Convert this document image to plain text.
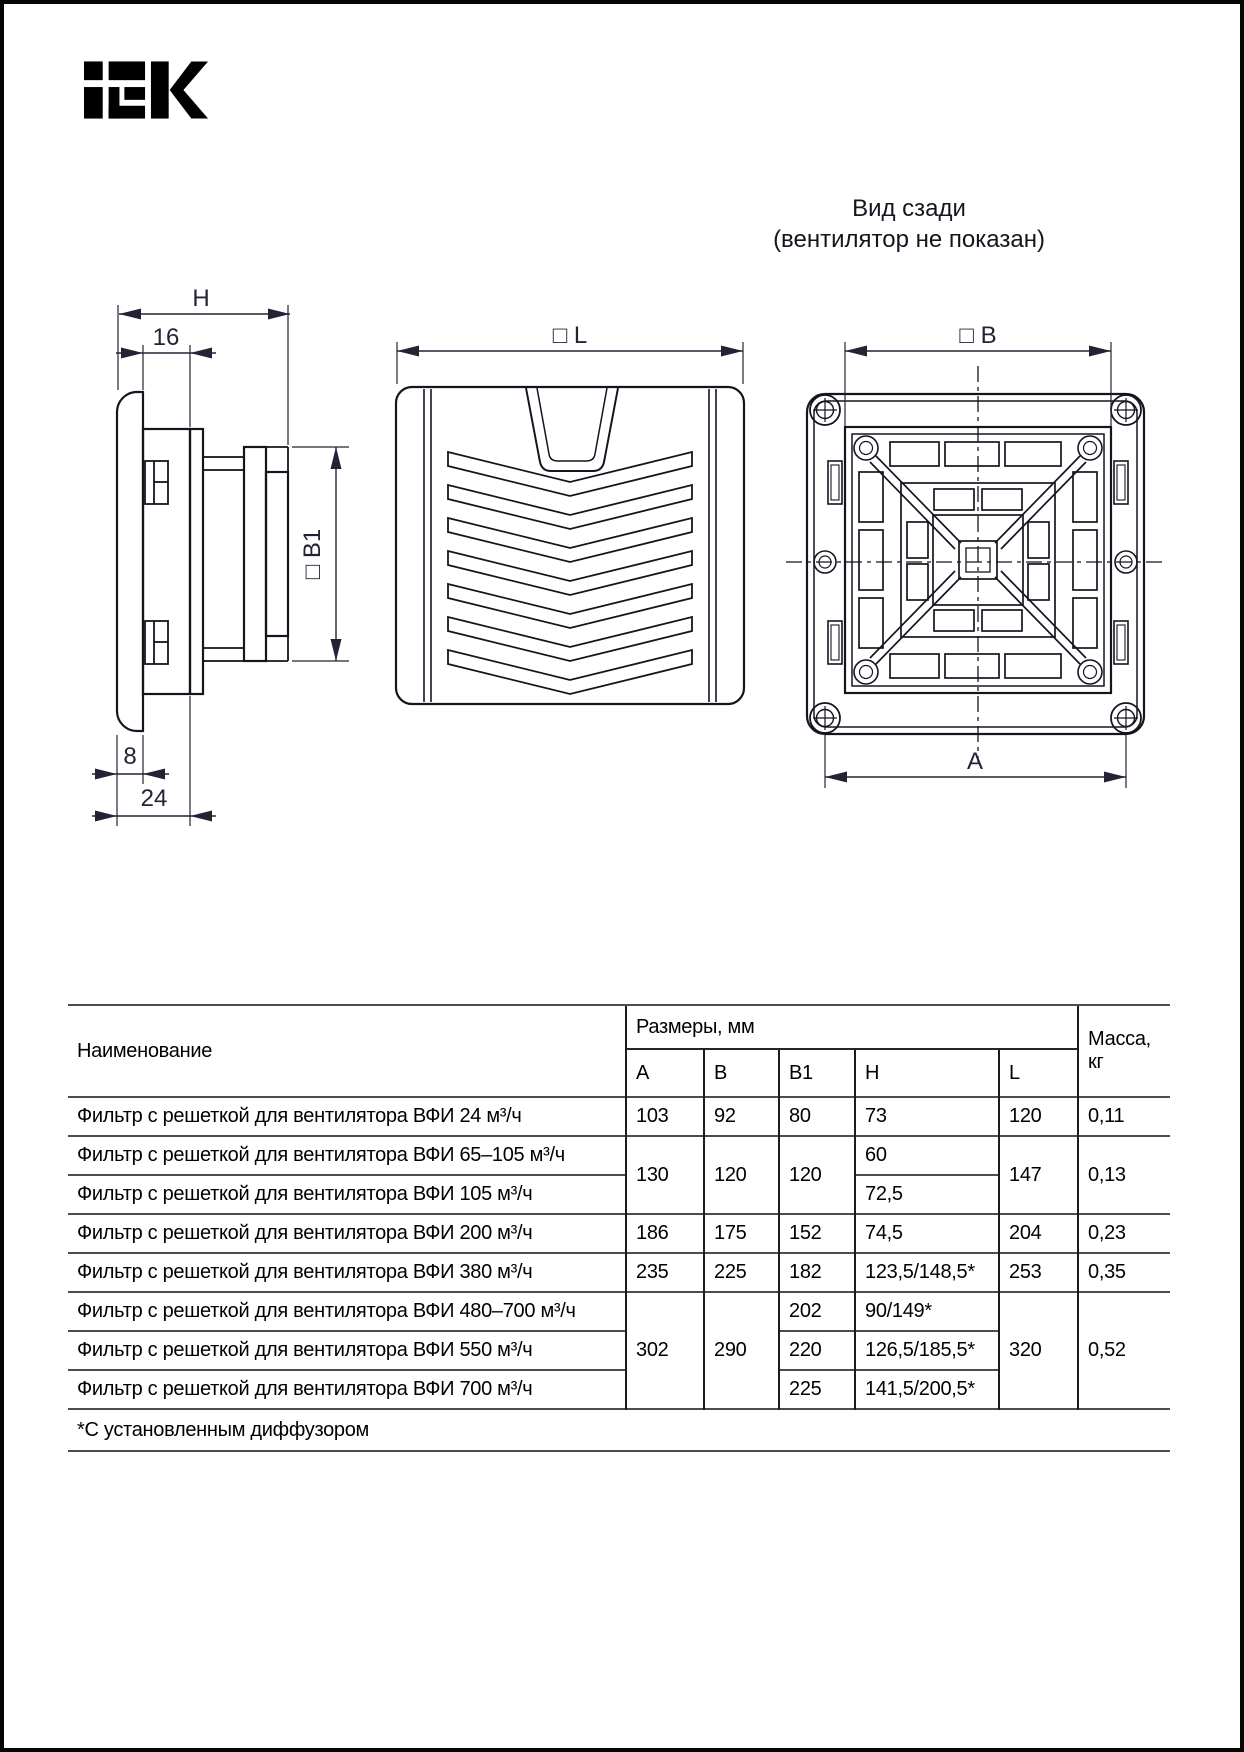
Вид сзади
(вентилятор не показан)
H
16
□ B1
8
24
□ L	□ B
A
Наименование	Размеры, мм					Масса,
кг

	A	B	B1	H	L	
Фильтр с решеткой для вентилятора ВФИ 24 м³/ч	103	92	80	73	120	0,11
Фильтр с решеткой для вентилятора ВФИ 65–105 м³/ч	130	120	120	60	147	0,13
Фильтр с решеткой для вентилятора ВФИ 105 м³/ч				72,5		
Фильтр с решеткой для вентилятора ВФИ 200 м³/ч	186	175	152	74,5	204	0,23
Фильтр с решеткой для вентилятора ВФИ 380 м³/ч	235	225	182	123,5/148,5*	253	0,35
Фильтр с решеткой для вентилятора ВФИ 480–700 м³/ч	302	290	202	90/149*	320	0,52
Фильтр с решеткой для вентилятора ВФИ 550 м³/ч			220	126,5/185,5*		
Фильтр с решеткой для вентилятора ВФИ 700 м³/ч			225	141,5/200,5*		
*С установленным диффузором						
